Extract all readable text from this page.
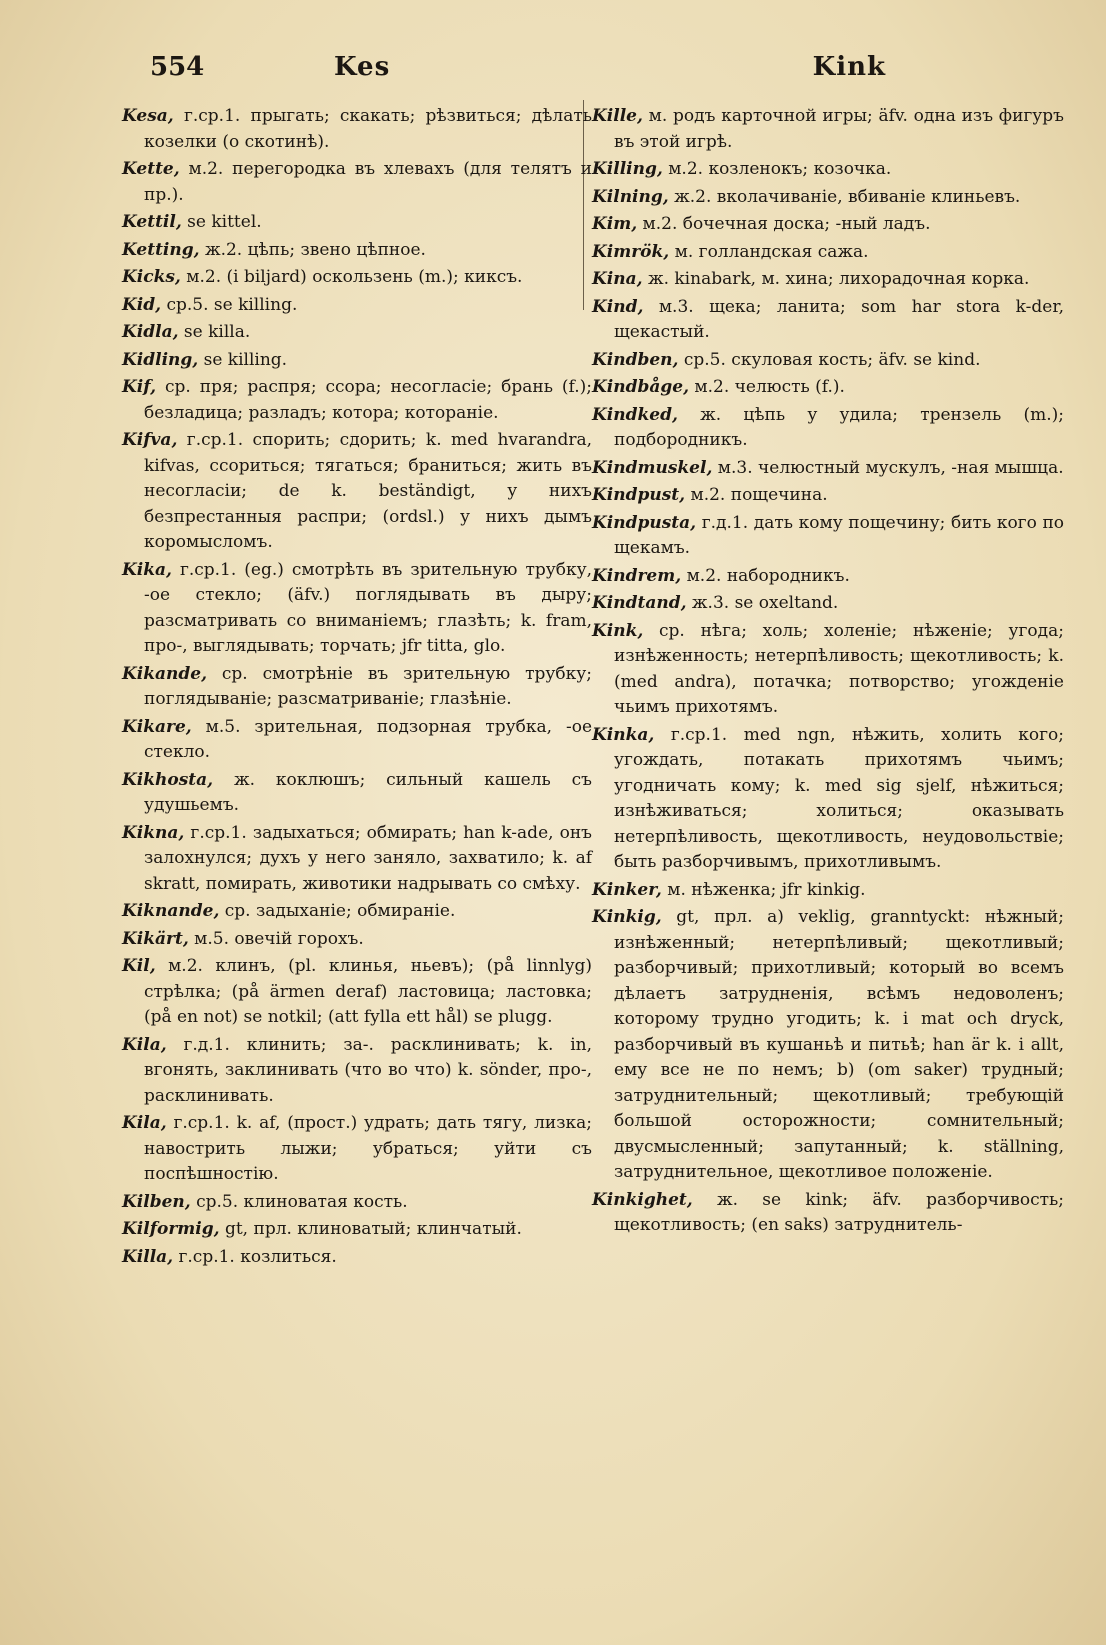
554	Kes	Kink

Kesa, г.ср.1. прыгать; скакать; рѣзвиться; дѣлать козелки (о скотинѣ).

Kette, м.2. перегородка въ хлевахъ (для телятъ и пр.).

Kettil, se kittel.

Ketting, ж.2. цѣпь; звено цѣпное.

Kicks, м.2. (i biljard) оскользень (m.); киксъ.

Kid, ср.5. se killing.

Kidla, se killa.

Kidling, se killing.

Kif, ср. пря; распря; ссора; несогласіе; брань (f.); безладица; разладъ; котора; котораніе.

Kifva, г.ср.1. спорить; сдорить; k. med hvarandra, kifvas, ссориться; тягаться; браниться; жить въ несогласіи; de k. beständigt, у нихъ безпрестанныя распри; (ordsl.) у нихъ дымъ коромысломъ.

Kika, г.ср.1. (eg.) смотрѣть въ зрительную трубку, -ое стекло; (äfv.) поглядывать въ дыру; разсматривать со вниманіемъ; глазѣть; k. fram, про-, выглядывать; торчать; jfr titta, glo.

Kikande, ср. смотрѣніе въ зрительную трубку; поглядываніе; разсматриваніе; глазѣніе.

Kikare, м.5. зрительная, подзорная трубка, -ое стекло.

Kikhosta, ж. коклюшъ; сильный кашель съ удушьемъ.

Kikna, г.ср.1. задыхаться; обмирать; han k-ade, онъ залохнулся; духъ у него заняло, захватило; k. af skratt, помирать, животики надрывать со смѣху.

Kiknande, ср. задыханіе; обмираніе.

Kikärt, м.5. овечій горохъ.

Kil, м.2. клинъ, (pl. клинья, ньевъ); (på linnlyg) стрѣлка; (på ärmen deraf) ластовица; ластовка; (på en not) se notkil; (att fylla ett hål) se plugg.

Kila, г.д.1. клинить; за-. расклинивать; k. in, вгонять, заклинивать (что во что) k. sönder, про-, расклинивать.

Kila, г.ср.1. k. af, (прост.) удрать; дать тягу, лизка; навострить лыжи; убраться; уйти съ поспѣшностію.

Kilben, ср.5. клиноватая кость.

Kilformig, gt, прл. клиноватый; клинчатый.

Killa, г.ср.1. козлиться.

Kille, м. родъ карточной игры; äfv. одна изъ фигуръ въ этой игрѣ.

Killing, м.2. козленокъ; козочка.

Kilning, ж.2. вколачиваніе, вбиваніе клиньевъ.

Kim, м.2. бочечная доска; -ный ладъ.

Kimrök, м. голландская сажа.

Kina, ж. kinabark, м. хина; лихорадочная корка.

Kind, м.3. щека; ланита; som har stora k-der, щекастый.

Kindben, ср.5. скуловая кость; äfv. se kind.

Kindbåge, м.2. челюсть (f.).

Kindked, ж. цѣпь у удила; трензель (m.); подбородникъ.

Kindmuskel, м.3. челюстный мускулъ, -ная мышца.

Kindpust, м.2. пощечина.

Kindpusta, г.д.1. дать кому пощечину; бить кого по щекамъ.

Kindrem, м.2. набородникъ.

Kindtand, ж.3. se oxeltand.

Kink, ср. нѣга; холь; холеніе; нѣженіе; угода; изнѣженность; нетерпѣливость; щекотливость; k. (med andra), потачка; потворство; угожденіе чьимъ прихотямъ.

Kinka, г.ср.1. med ngn, нѣжить, холить кого; угождать, потакать прихотямъ чьимъ; угодничать кому; k. med sig sjelf, нѣжиться; изнѣживаться; холиться; оказывать нетерпѣливость, щекотливость, неудовольствіе; быть разборчивымъ, прихотливымъ.

Kinker, м. нѣженка; jfr kinkig.

Kinkig, gt, прл. a) veklig, granntyckt: нѣжный; изнѣженный; нетерпѣливый; щекотливый; разборчивый; прихотливый; который во всемъ дѣлаетъ затрудненія, всѣмъ недоволенъ; которому трудно угодить; k. i mat och dryck, разборчивый въ кушаньѣ и питьѣ; han är k. i allt, ему все не по немъ; b) (om saker) трудный; затруднительный; щекотливый; требующій большой осторожности; сомнительный; двусмысленный; запутанный; k. ställning, затруднительное, щекотливое положеніе.

Kinkighet, ж. se kink; äfv. разборчивость; щекотливость; (en saks) затруднитель-
